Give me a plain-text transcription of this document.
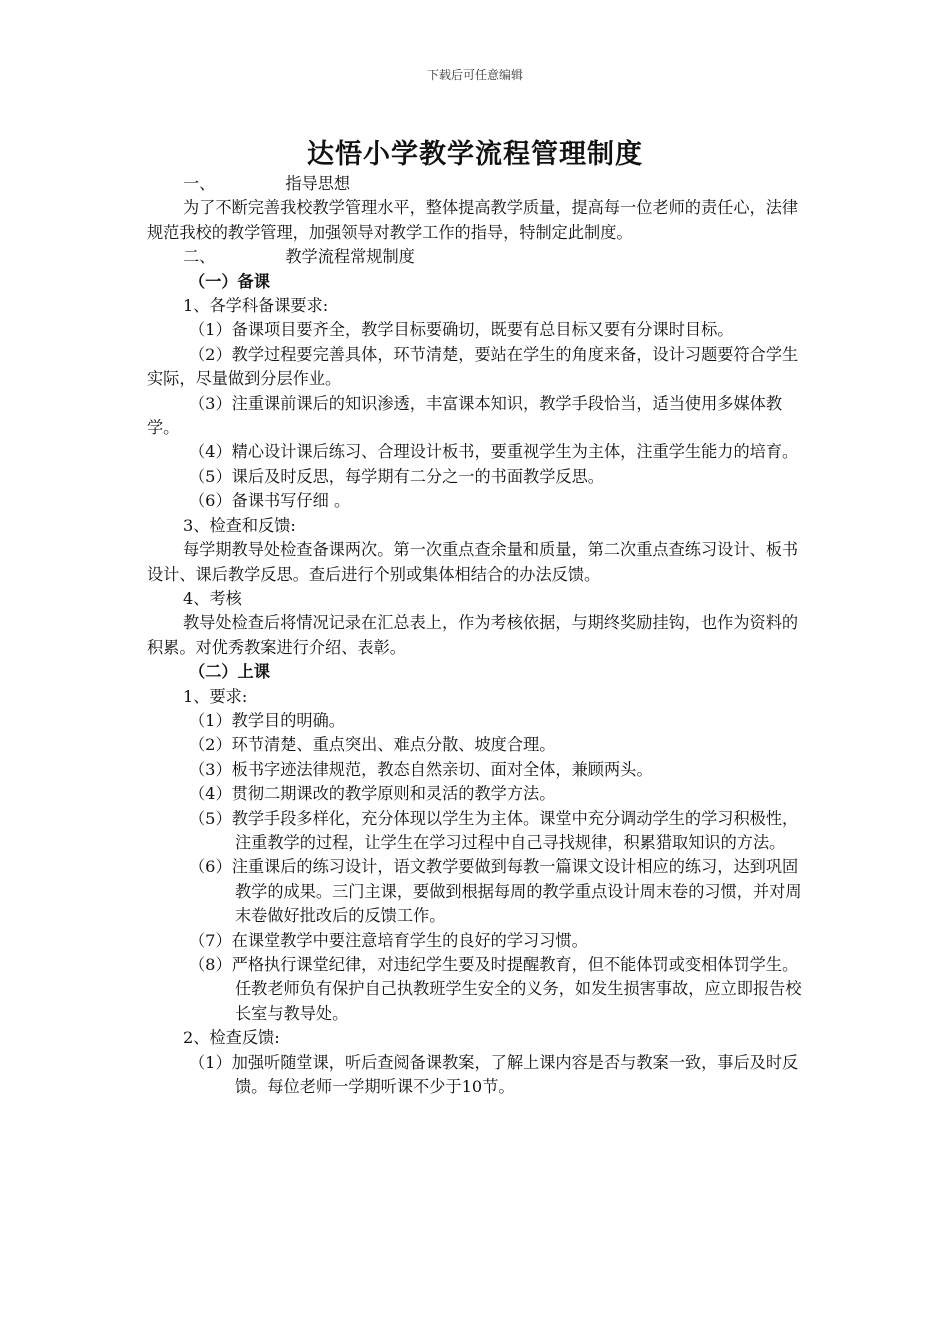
下载后可任意编辑
达悟小学教学流程管理制度
一、	指导思想
为了不断完善我校教学管理水平，整体提高教学质量，提高每一位老师的责任心，法律规范我校的教学管理，加强领导对教学工作的指导，特制定此制度。
二、	教学流程常规制度
（一）备课
1、各学科备课要求:
（1）备课项目要齐全，教学目标要确切，既要有总目标又要有分课时目标。
（2）教学过程要完善具体，环节清楚，要站在学生的角度来备，设计习题要符合学生实际，尽量做到分层作业。
（3）注重课前课后的知识渗透，丰富课本知识，教学手段恰当，适当使用多媒体教学。
（4）精心设计课后练习、合理设计板书，要重视学生为主体，注重学生能力的培育。
（5）课后及时反思，每学期有二分之一的书面教学反思。
（6）备课书写仔细 。
3、检查和反馈:
每学期教导处检查备课两次。第一次重点查余量和质量，第二次重点查练习设计、板书设计、课后教学反思。查后进行个别或集体相结合的办法反馈。
4、考核
教导处检查后将情况记录在汇总表上，作为考核依据，与期终奖励挂钩，也作为资料的积累。对优秀教案进行介绍、表彰。
（二）上课
1、要求:
（1）教学目的明确。
（2）环节清楚、重点突出、难点分散、坡度合理。
（3）板书字迹法律规范，教态自然亲切、面对全体，兼顾两头。
（4）贯彻二期课改的教学原则和灵活的教学方法。
（5）教学手段多样化，充分体现以学生为主体。课堂中充分调动学生的学习积极性，注重教学的过程，让学生在学习过程中自己寻找规律，积累猎取知识的方法。
（6）注重课后的练习设计，语文教学要做到每教一篇课文设计相应的练习，达到巩固教学的成果。三门主课，要做到根据每周的教学重点设计周末卷的习惯，并对周末卷做好批改后的反馈工作。
（7）在课堂教学中要注意培育学生的良好的学习习惯。
（8）严格执行课堂纪律，对违纪学生要及时提醒教育，但不能体罚或变相体罚学生。任教老师负有保护自己执教班学生安全的义务，如发生损害事故，应立即报告校长室与教导处。
2、检查反馈:
（1）加强听随堂课，听后查阅备课教案，了解上课内容是否与教案一致，事后及时反馈。每位老师一学期听课不少于10节。
